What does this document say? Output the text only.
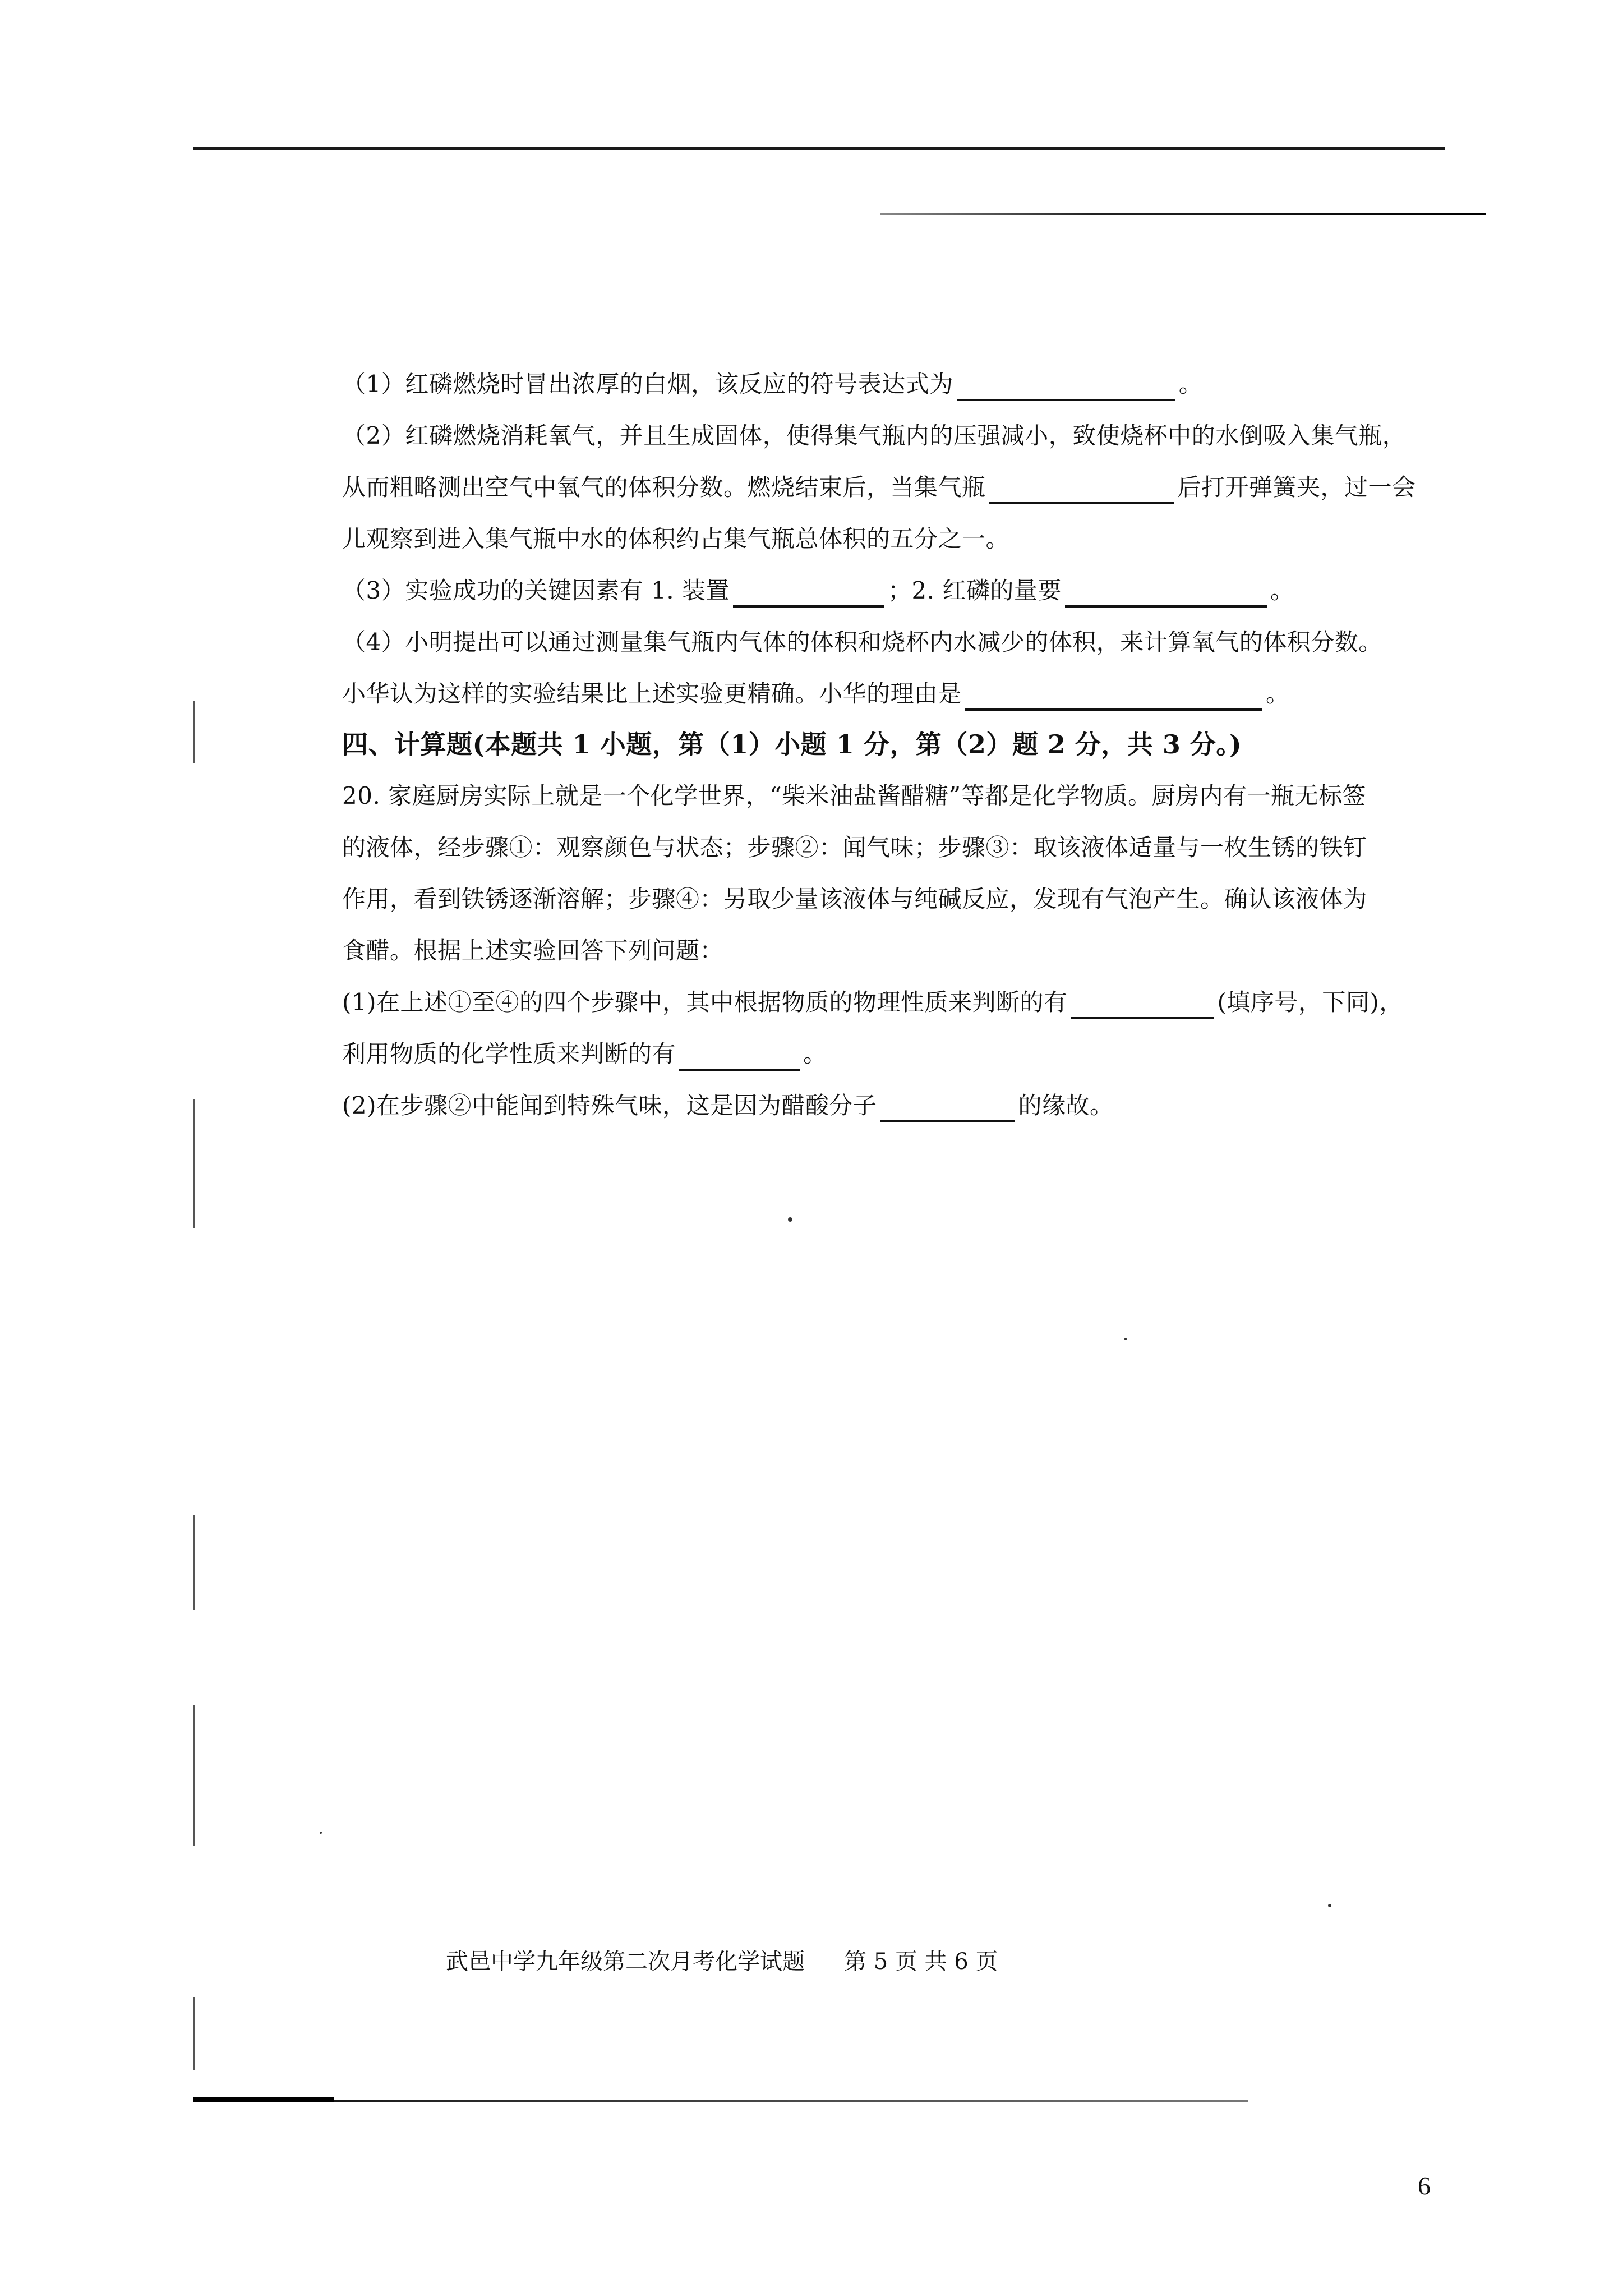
（1）红磷燃烧时冒出浓厚的白烟，该反应的符号表达式为	。
（2）红磷燃烧消耗氧气，并且生成固体，使得集气瓶内的压强减小，致使烧杯中的水倒吸入集气瓶，
从而粗略测出空气中氧气的体积分数。燃烧结束后，当集气瓶	后打开弹簧夹，过一会
儿观察到进入集气瓶中水的体积约占集气瓶总体积的五分之一。
（3）实验成功的关键因素有 1. 装置	；2. 红磷的量要	。
（4）小明提出可以通过测量集气瓶内气体的体积和烧杯内水减少的体积，来计算氧气的体积分数。
小华认为这样的实验结果比上述实验更精确。小华的理由是	。
四、计算题(本题共 1 小题，第（1）小题 1 分，第（2）题 2 分，共 3 分。)
20. 家庭厨房实际上就是一个化学世界，“柴米油盐酱醋糖”等都是化学物质。厨房内有一瓶无标签
的液体，经步骤①：观察颜色与状态；步骤②：闻气味；步骤③：取该液体适量与一枚生锈的铁钉
作用，看到铁锈逐渐溶解；步骤④：另取少量该液体与纯碱反应，发现有气泡产生。确认该液体为
食醋。根据上述实验回答下列问题：
(1)在上述①至④的四个步骤中，其中根据物质的物理性质来判断的有	(填序号，下同)，
利用物质的化学性质来判断的有	。
(2)在步骤②中能闻到特殊气味，这是因为醋酸分子	的缘故。
武邑中学九年级第二次月考化学试题 第 5 页 共 6 页
6
